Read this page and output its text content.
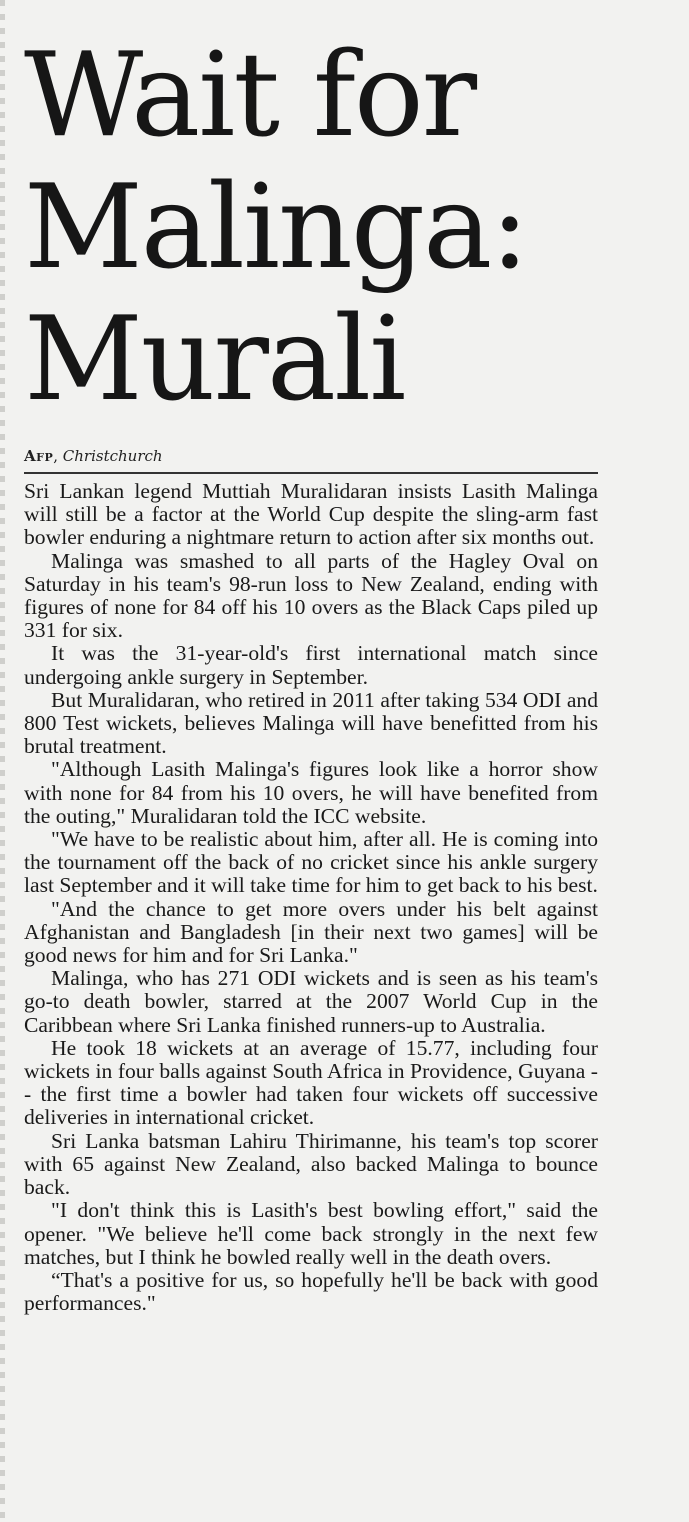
Wait for
Malinga:
Murali
Afp, Christchurch

Sri Lankan legend Muttiah Muralidaran insists Lasith Malinga will still be a factor at the World Cup despite the sling-arm fast bowler enduring a nightmare return to action after six months out.

Malinga was smashed to all parts of the Hagley Oval on Saturday in his team's 98-run loss to New Zealand, ending with figures of none for 84 off his 10 overs as the Black Caps piled up 331 for six.

It was the 31-year-old's first international match since undergoing ankle surgery in September.

But Muralidaran, who retired in 2011 after taking 534 ODI and 800 Test wickets, believes Malinga will have benefitted from his brutal treatment.

"Although Lasith Malinga's figures look like a horror show with none for 84 from his 10 overs, he will have benefited from the outing," Muralidaran told the ICC website.

"We have to be realistic about him, after all. He is coming into the tournament off the back of no cricket since his ankle surgery last September and it will take time for him to get back to his best.

"And the chance to get more overs under his belt against Afghanistan and Bangladesh [in their next two games] will be good news for him and for Sri Lanka."

Malinga, who has 271 ODI wickets and is seen as his team's go-to death bowler, starred at the 2007 World Cup in the Caribbean where Sri Lanka finished runners-up to Australia.

He took 18 wickets at an average of 15.77, including four wickets in four balls against South Africa in Providence, Guyana -- the first time a bowler had taken four wickets off successive deliveries in international cricket.

Sri Lanka batsman Lahiru Thirimanne, his team's top scorer with 65 against New Zealand, also backed Malinga to bounce back.

"I don't think this is Lasith's best bowling effort," said the opener. "We believe he'll come back strongly in the next few matches, but I think he bowled really well in the death overs.

“That's a positive for us, so hopefully he'll be back with good performances."
